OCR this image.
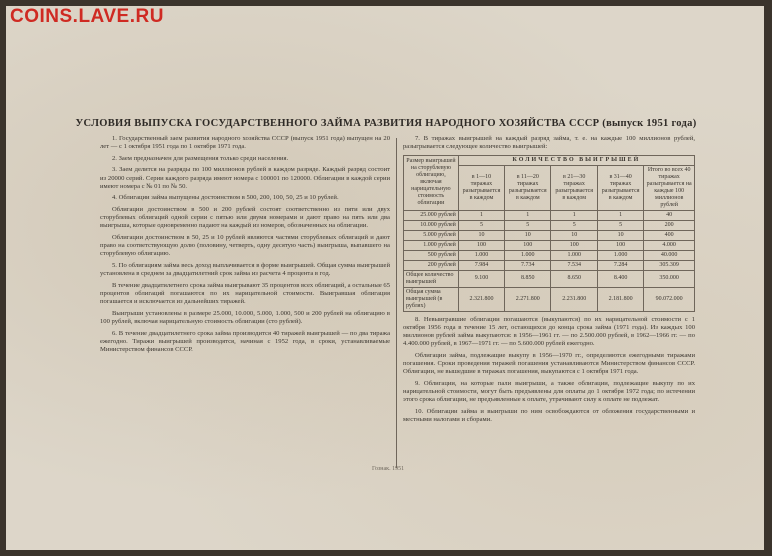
COINS.LAVE.RU
УСЛОВИЯ ВЫПУСКА ГОСУДАРСТВЕННОГО ЗАЙМА РАЗВИТИЯ НАРОДНОГО ХОЗЯЙСТВА СССР (выпуск 1951 года)

1. Государственный заем развития народного хозяйства СССР (выпуск 1951 года) выпущен на 20 лет — с 1 октября 1951 года по 1 октября 1971 года.

2. Заем предназначен для размещения только среди населения.

3. Заем делится на разряды по 100 миллионов рублей в каждом разряде. Каждый разряд состоит из 20000 серий. Серии каждого разряда имеют номера с 100001 по 120000. Облигации в каждой серии имеют номера с № 01 по № 50.

4. Облигации займа выпущены достоинством в 500, 200, 100, 50, 25 и 10 рублей.

Облигации достоинством в 500 и 200 рублей состоят соответственно из пяти или двух сторублевых облигаций одной серии с пятью или двумя номерами и дают право на пять или два выигрыша, которые одновременно падают на каждый из номеров, обозначенных на облигации.

Облигации достоинством в 50, 25 и 10 рублей являются частями сторублевых облигаций и дают право на соответствующую долю (половину, четверть, одну десятую часть) выигрыша, выпавшего на сторублевую облигацию.

5. По облигациям займа весь доход выплачивается в форме выигрышей. Общая сумма выигрышей установлена в среднем за двадцатилетний срок займа из расчета 4 процента в год.

В течение двадцатилетнего срока займа выигрывают 35 процентов всех облигаций, а остальные 65 процентов облигаций погашаются по их нарицательной стоимости. Выигравшая облигация погашается и исключается из дальнейших тиражей.

Выигрыши установлены в размере 25.000, 10.000, 5.000, 1.000, 500 и 200 рублей на облигацию в 100 рублей, включая нарицательную стоимость облигации (сто рублей).

6. В течение двадцатилетнего срока займа производится 40 тиражей выигрышей — по два тиража ежегодно. Тиражи выигрышей производятся, начиная с 1952 года, в сроки, устанавливаемые Министерством финансов СССР.

7. В тиражах выигрышей на каждый разряд займа, т. е. на каждые 100 миллионов рублей, разыгрывается следующее количество выигрышей:

Размер выигрышей на сторублевую облигацию, включая нарицательную стоимость облигации	КОЛИЧЕСТВО ВЫИГРЫШЕЙ				
	в 1—10 тиражах разыгрывается в каждом	в 11—20 тиражах разыгрывается в каждом	в 21—30 тиражах разыгрывается в каждом	в 31—40 тиражах разыгрывается в каждом	Итого во всех 40 тиражах разыгрывается на каждые 100 миллионов рублей
25.000 рублей	1	1	1	1	40
10.000 рублей	5	5	5	5	200
5.000 рублей	10	10	10	10	400
1.000 рублей	100	100	100	100	4.000
500 рублей	1.000	1.000	1.000	1.000	40.000
200 рублей	7.984	7.734	7.534	7.284	305.309
Общее количество выигрышей	9.100	8.850	8.650	8.400	350.000
Общая сумма выигрышей (в рублях)	2.321.800	2.271.800	2.231.800	2.181.800	90.072.000

8. Невыигравшие облигации погашаются (выкупаются) по их нарицательной стоимости с 1 октября 1956 года в течение 15 лет, остающихся до конца срока займа (1971 года). Из каждых 100 миллионов рублей займа выкупаются: в 1956—1961 гг. — по 2.500.000 рублей, в 1962—1966 гг. — по 4.400.000 рублей, в 1967—1971 гг. — по 5.600.000 рублей ежегодно.

Облигации займа, подлежащие выкупу в 1956—1970 гг., определяются ежегодными тиражами погашения. Сроки проведения тиражей погашения устанавливаются Министерством финансов СССР. Облигации, не вышедшие в тиражах погашения, выкупаются с 1 октября 1971 года.

9. Облигации, на которые пали выигрыши, а также облигации, подлежащие выкупу по их нарицательной стоимости, могут быть предъявлены для оплаты до 1 октября 1972 года; по истечении этого срока облигации, не предъявленные к оплате, утрачивают силу к оплате не подлежат.

10. Облигации займа и выигрыши по ним освобождаются от обложения государственными и местными налогами и сборами.

Гознак. 1951
